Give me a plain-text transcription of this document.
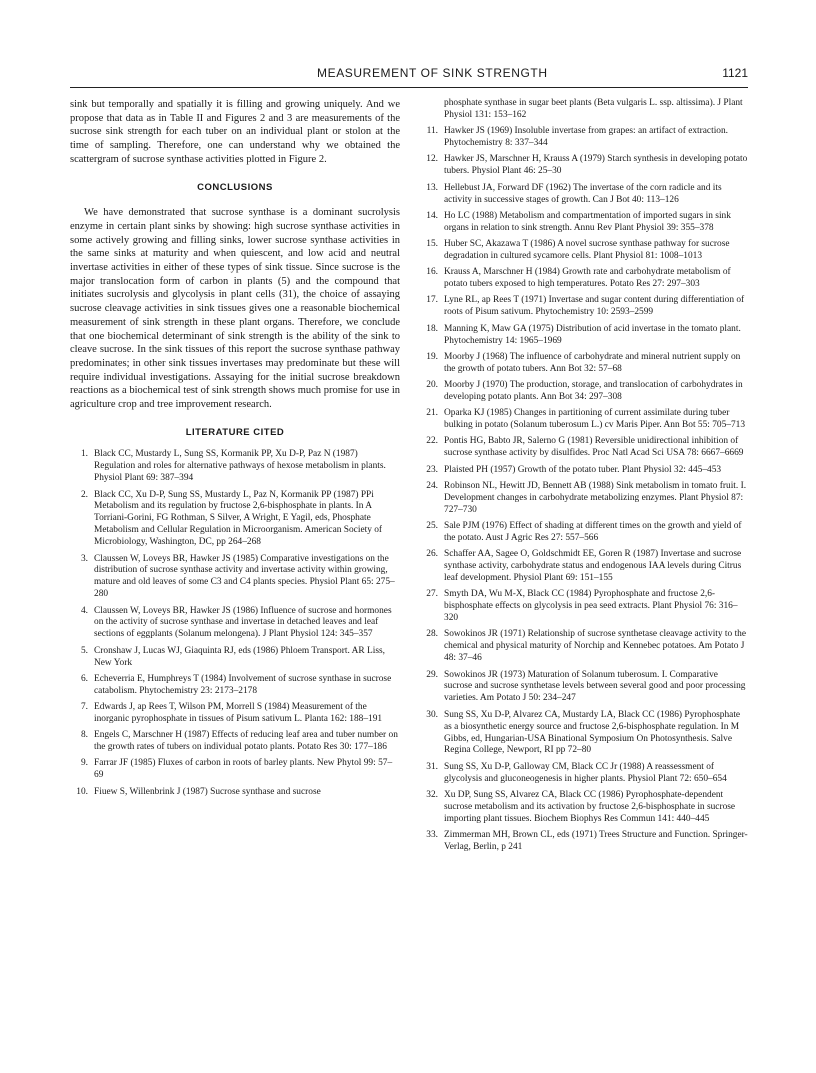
MEASUREMENT OF SINK STRENGTH	1121

sink but temporally and spatially it is filling and growing uniquely. And we propose that data as in Table II and Figures 2 and 3 are measurements of the sucrose sink strength for each tuber on an individual plant or stolon at the time of sampling. Therefore, one can understand why we obtained the scattergram of sucrose synthase activities plotted in Figure 2.

CONCLUSIONS

We have demonstrated that sucrose synthase is a dominant sucrolysis enzyme in certain plant sinks by showing: high sucrose synthase activities in some actively growing and filling sinks, lower sucrose synthase activities in the same sinks at maturity and when quiescent, and low acid and neutral invertase activities in either of these types of sink tissue. Since sucrose is the major translocation form of carbon in plants (5) and the compound that initiates sucrolysis and glycolysis in plant cells (31), the choice of assaying sucrose cleavage activities in sink tissues gives one a reasonable biochemical measurement of sink strength in these plant organs. Therefore, we conclude that one biochemical determinant of sink strength is the ability of the sink to cleave sucrose. In the sink tissues of this report the sucrose synthase pathway predominates; in other sink tissues invertases may predominate but these will require individual investigations. Assaying for the initial sucrose breakdown reactions as a biochemical test of sink strength shows much promise for use in agriculture crop and tree improvement research.

LITERATURE CITED

1. Black CC, Mustardy L, Sung SS, Kormanik PP, Xu D-P, Paz N (1987) Regulation and roles for alternative pathways of hexose metabolism in plants. Physiol Plant 69: 387–394
2. Black CC, Xu D-P, Sung SS, Mustardy L, Paz N, Kormanik PP (1987) PPi Metabolism and its regulation by fructose 2,6-bisphosphate in plants. In A Torriani-Gorini, FG Rothman, S Silver, A Wright, E Yagil, eds, Phosphate Metabolism and Cellular Regulation in Microorganism. American Society of Microbiology, Washington, DC, pp 264–268
3. Claussen W, Loveys BR, Hawker JS (1985) Comparative investigations on the distribution of sucrose synthase activity and invertase activity within growing, mature and old leaves of some C3 and C4 plants species. Physiol Plant 65: 275–280
4. Claussen W, Loveys BR, Hawker JS (1986) Influence of sucrose and hormones on the activity of sucrose synthase and invertase in detached leaves and leaf sections of eggplants (Solanum melongena). J Plant Physiol 124: 345–357
5. Cronshaw J, Lucas WJ, Giaquinta RJ, eds (1986) Phloem Transport. AR Liss, New York
6. Echeverria E, Humphreys T (1984) Involvement of sucrose synthase in sucrose catabolism. Phytochemistry 23: 2173–2178
7. Edwards J, ap Rees T, Wilson PM, Morrell S (1984) Measurement of the inorganic pyrophosphate in tissues of Pisum sativum L. Planta 162: 188–191
8. Engels C, Marschner H (1987) Effects of reducing leaf area and tuber number on the growth rates of tubers on individual potato plants. Potato Res 30: 177–186
9. Farrar JF (1985) Fluxes of carbon in roots of barley plants. New Phytol 99: 57–69
10. Fiuew S, Willenbrink J (1987) Sucrose synthase and sucrose

phosphate synthase in sugar beet plants (Beta vulgaris L. ssp. altissima). J Plant Physiol 131: 153–162

11. Hawker JS (1969) Insoluble invertase from grapes: an artifact of extraction. Phytochemistry 8: 337–344
12. Hawker JS, Marschner H, Krauss A (1979) Starch synthesis in developing potato tubers. Physiol Plant 46: 25–30
13. Hellebust JA, Forward DF (1962) The invertase of the corn radicle and its activity in successive stages of growth. Can J Bot 40: 113–126
14. Ho LC (1988) Metabolism and compartmentation of imported sugars in sink organs in relation to sink strength. Annu Rev Plant Physiol 39: 355–378
15. Huber SC, Akazawa T (1986) A novel sucrose synthase pathway for sucrose degradation in cultured sycamore cells. Plant Physiol 81: 1008–1013
16. Krauss A, Marschner H (1984) Growth rate and carbohydrate metabolism of potato tubers exposed to high temperatures. Potato Res 27: 297–303
17. Lyne RL, ap Rees T (1971) Invertase and sugar content during differentiation of roots of Pisum sativum. Phytochemistry 10: 2593–2599
18. Manning K, Maw GA (1975) Distribution of acid invertase in the tomato plant. Phytochemistry 14: 1965–1969
19. Moorby J (1968) The influence of carbohydrate and mineral nutrient supply on the growth of potato tubers. Ann Bot 32: 57–68
20. Moorby J (1970) The production, storage, and translocation of carbohydrates in developing potato plants. Ann Bot 34: 297–308
21. Oparka KJ (1985) Changes in partitioning of current assimilate during tuber bulking in potato (Solanum tuberosum L.) cv Maris Piper. Ann Bot 55: 705–713
22. Pontis HG, Babto JR, Salerno G (1981) Reversible unidirectional inhibition of sucrose synthase activity by disulfides. Proc Natl Acad Sci USA 78: 6667–6669
23. Plaisted PH (1957) Growth of the potato tuber. Plant Physiol 32: 445–453
24. Robinson NL, Hewitt JD, Bennett AB (1988) Sink metabolism in tomato fruit. I. Development changes in carbohydrate metabolizing enzymes. Plant Physiol 87: 727–730
25. Sale PJM (1976) Effect of shading at different times on the growth and yield of the potato. Aust J Agric Res 27: 557–566
26. Schaffer AA, Sagee O, Goldschmidt EE, Goren R (1987) Invertase and sucrose synthase activity, carbohydrate status and endogenous IAA levels during Citrus leaf development. Physiol Plant 69: 151–155
27. Smyth DA, Wu M-X, Black CC (1984) Pyrophosphate and fructose 2,6-bisphosphate effects on glycolysis in pea seed extracts. Plant Physiol 76: 316–320
28. Sowokinos JR (1971) Relationship of sucrose synthetase cleavage activity to the chemical and physical maturity of Norchip and Kennebec potatoes. Am Potato J 48: 37–46
29. Sowokinos JR (1973) Maturation of Solanum tuberosum. I. Comparative sucrose and sucrose synthetase levels between several good and poor processing varieties. Am Potato J 50: 234–247
30. Sung SS, Xu D-P, Alvarez CA, Mustardy LA, Black CC (1986) Pyrophosphate as a biosynthetic energy source and fructose 2,6-bisphosphate regulation. In M Gibbs, ed, Hungarian-USA Binational Symposium On Photosynthesis. Salve Regina College, Newport, RI pp 72–80
31. Sung SS, Xu D-P, Galloway CM, Black CC Jr (1988) A reassessment of glycolysis and gluconeogenesis in higher plants. Physiol Plant 72: 650–654
32. Xu DP, Sung SS, Alvarez CA, Black CC (1986) Pyrophosphate-dependent sucrose metabolism and its activation by fructose 2,6-bisphosphate in sucrose importing plant tissues. Biochem Biophys Res Commun 141: 440–445
33. Zimmerman MH, Brown CL, eds (1971) Trees Structure and Function. Springer-Verlag, Berlin, p 241
